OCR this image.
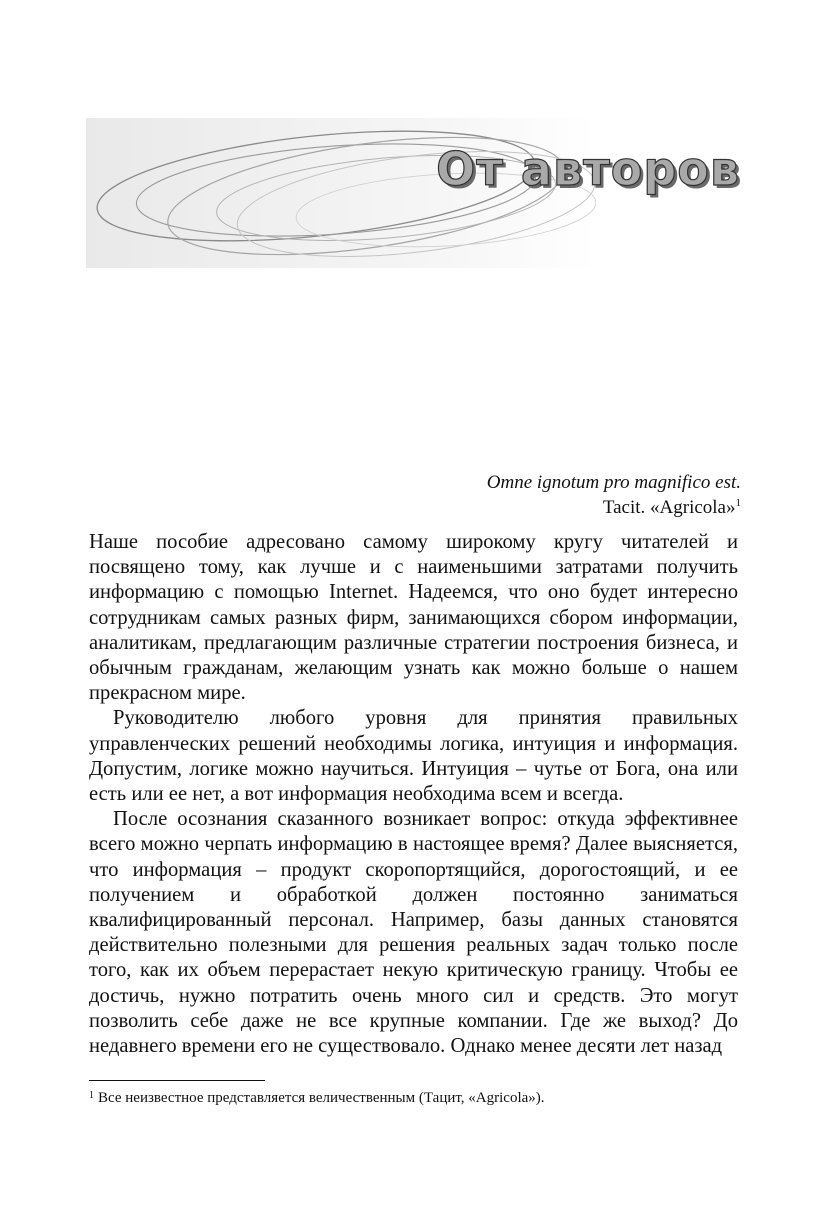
От авторов
Omne ignotum pro magnifico est.
Tacit. «Agricola»$^1$

Наше пособие адресовано самому широкому кругу читателей и посвящено тому, как лучше и с наименьшими затратами получить информацию с помощью Internet. Надеемся, что оно будет интересно сотрудникам самых разных фирм, занимающихся сбором информации, аналитикам, предлагающим различные стратегии построения бизнеса, и обычным гражданам, желающим узнать как можно больше о нашем прекрасном мире.

Руководителю любого уровня для принятия правильных управленческих решений необходимы логика, интуиция и информация. Допустим, логике можно научиться. Интуиция – чутье от Бога, она или есть или ее нет, а вот информация необходима всем и всегда.

После осознания сказанного возникает вопрос: откуда эффективнее всего можно черпать информацию в настоящее время? Далее выясняется, что информация – продукт скоропортящийся, дорогостоящий, и ее получением и обработкой должен постоянно заниматься квалифицированный персонал. Например, базы данных становятся действительно полезными для решения реальных задач только после того, как их объем перерастает некую критическую границу. Чтобы ее достичь, нужно потратить очень много сил и средств. Это могут позволить себе даже не все крупные компании. Где же выход? До недавнего времени его не существовало. Однако менее десяти лет назад

$^1$ Все неизвестное представляется величественным (Тацит, «Agricola»).
